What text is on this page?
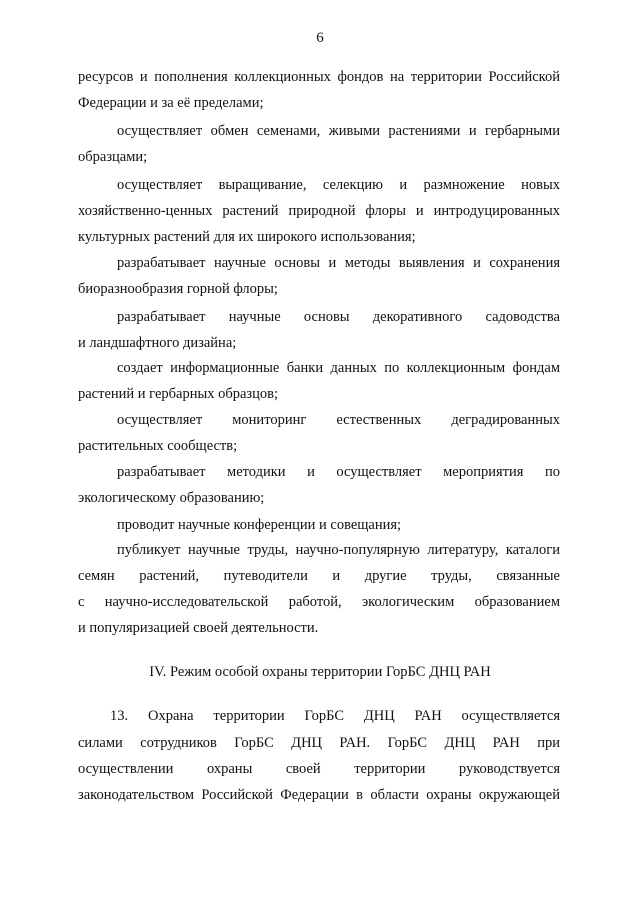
6
ресурсов и пополнения коллекционных фондов на территории Российской
Федерации и за её пределами;
осуществляет обмен семенами, живыми растениями и гербарными
образцами;
осуществляет выращивание, селекцию и размножение новых
хозяйственно-ценных растений природной флоры и интродуцированных
культурных растений для их широкого использования;
разрабатывает научные основы и методы выявления и сохранения
биоразнообразия горной флоры;
разрабатывает научные основы декоративного садоводства
и ландшафтного дизайна;
создает информационные банки данных по коллекционным фондам
растений и гербарных образцов;
осуществляет мониторинг естественных деградированных
растительных сообществ;
разрабатывает методики и осуществляет мероприятия по
экологическому образованию;
проводит научные конференции и совещания;
публикует научные труды, научно-популярную литературу, каталоги
семян растений, путеводители и другие труды, связанные
с научно-исследовательской работой, экологическим образованием
и популяризацией своей деятельности.
IV. Режим особой охраны территории ГорБС ДНЦ РАН
13. Охрана территории ГорБС ДНЦ РАН осуществляется
силами сотрудников ГорБС ДНЦ РАН. ГорБС ДНЦ РАН при
осуществлении охраны своей территории руководствуется
законодательством Российской Федерации в области охраны окружающей
